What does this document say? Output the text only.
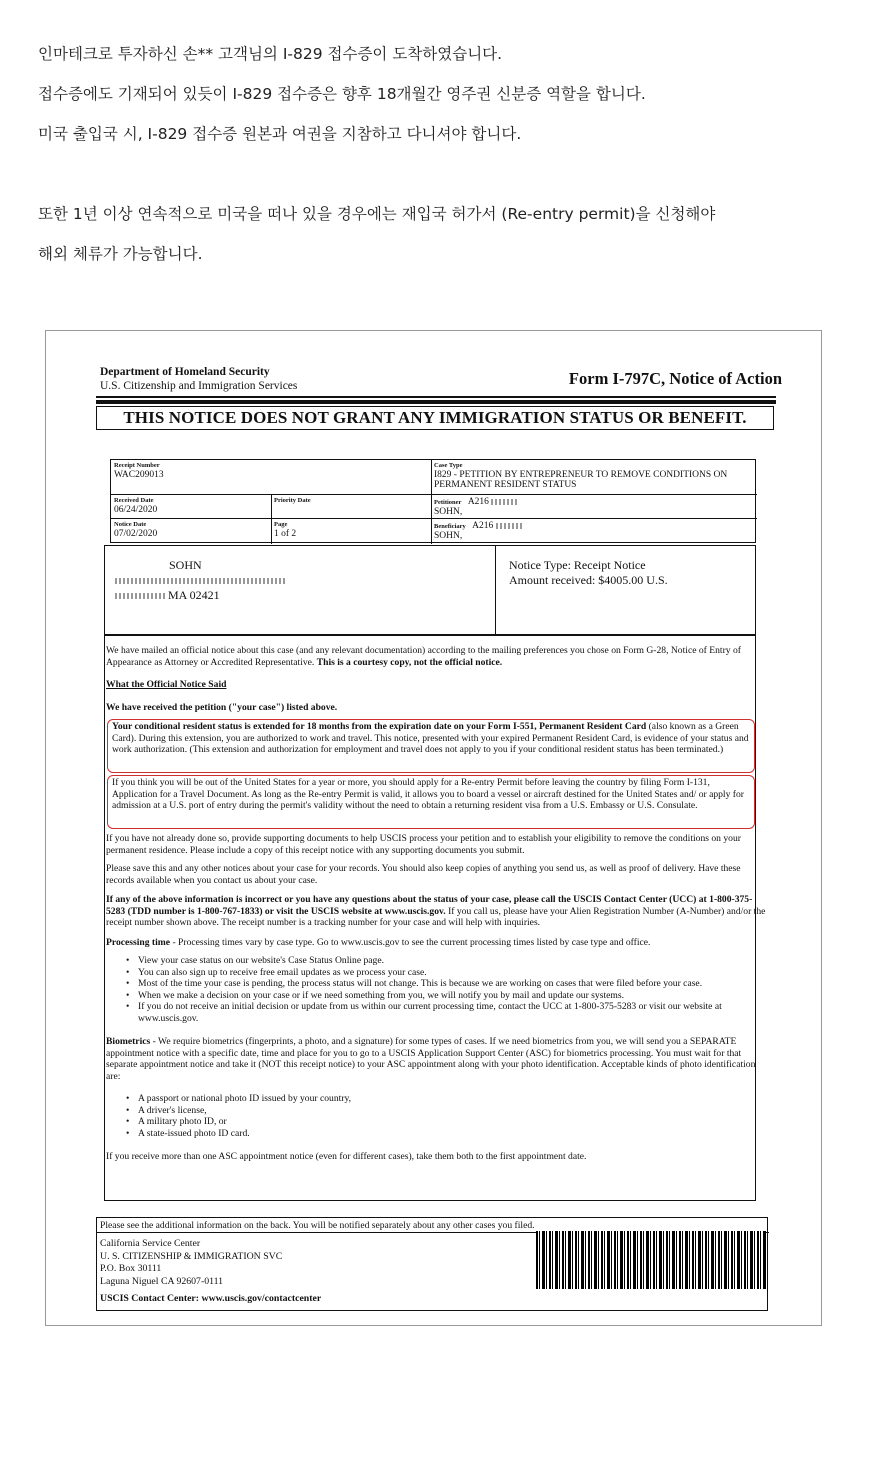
인마테크로 투자하신 손** 고객님의 I-829 접수증이 도착하였습니다.

접수증에도 기재되어 있듯이 I-829 접수증은 향후 18개월간 영주권 신분증 역할을 합니다.

미국 출입국 시, I-829 접수증 원본과 여권을 지참하고 다니셔야 합니다.

또한 1년 이상 연속적으로 미국을 떠나 있을 경우에는 재입국 허가서 (Re-entry permit)을 신청해야

해외 체류가 가능합니다.

Department of Homeland Security
U.S. Citizenship and Immigration Services	Form I-797C, Notice of Action
THIS NOTICE DOES NOT GRANT ANY IMMIGRATION STATUS OR BENEFIT.
Receipt Number
WAC209013
Case Type
I829 - PETITION BY ENTREPRENEUR TO REMOVE CONDITIONS ON PERMANENT RESIDENT STATUS
Received Date
06/24/2020
Priority Date	Petitioner A216
SOHN,
Notice Date
07/02/2020
Page
1 of 2
Beneficiary A216
SOHN,
SOHN
MA 02421
Notice Type: Receipt Notice
Amount received: $4005.00 U.S.
We have mailed an official notice about this case (and any relevant documentation) according to the mailing preferences you chose on Form G-28, Notice of Entry of Appearance as Attorney or Accredited Representative. This is a courtesy copy, not the official notice.
What the Official Notice Said
We have received the petition ("your case") listed above.
Your conditional resident status is extended for 18 months from the expiration date on your Form I-551, Permanent Resident Card (also known as a Green Card). During this extension, you are authorized to work and travel. This notice, presented with your expired Permanent Resident Card, is evidence of your status and work authorization. (This extension and authorization for employment and travel does not apply to you if your conditional resident status has been terminated.)
If you think you will be out of the United States for a year or more, you should apply for a Re-entry Permit before leaving the country by filing Form I-131, Application for a Travel Document. As long as the Re-entry Permit is valid, it allows you to board a vessel or aircraft destined for the United States and/ or apply for admission at a U.S. port of entry during the permit's validity without the need to obtain a returning resident visa from a U.S. Embassy or U.S. Consulate.
If you have not already done so, provide supporting documents to help USCIS process your petition and to establish your eligibility to remove the conditions on your permanent residence. Please include a copy of this receipt notice with any supporting documents you submit.
Please save this and any other notices about your case for your records. You should also keep copies of anything you send us, as well as proof of delivery. Have these records available when you contact us about your case.
If any of the above information is incorrect or you have any questions about the status of your case, please call the USCIS Contact Center (UCC) at 1-800-375-5283 (TDD number is 1-800-767-1833) or visit the USCIS website at www.uscis.gov. If you call us, please have your Alien Registration Number (A-Number) and/or the receipt number shown above. The receipt number is a tracking number for your case and will help with inquiries.
Processing time - Processing times vary by case type. Go to www.uscis.gov to see the current processing times listed by case type and office.
• View your case status on our website's Case Status Online page.
• You can also sign up to receive free email updates as we process your case.
• Most of the time your case is pending, the process status will not change. This is because we are working on cases that were filed before your case.
• When we make a decision on your case or if we need something from you, we will notify you by mail and update our systems.
• If you do not receive an initial decision or update from us within our current processing time, contact the UCC at 1-800-375-5283 or visit our website at www.uscis.gov.
Biometrics - We require biometrics (fingerprints, a photo, and a signature) for some types of cases. If we need biometrics from you, we will send you a SEPARATE appointment notice with a specific date, time and place for you to go to a USCIS Application Support Center (ASC) for biometrics processing. You must wait for that separate appointment notice and take it (NOT this receipt notice) to your ASC appointment along with your photo identification. Acceptable kinds of photo identification are:
• A passport or national photo ID issued by your country,
• A driver's license,
• A military photo ID, or
• A state-issued photo ID card.
If you receive more than one ASC appointment notice (even for different cases), take them both to the first appointment date.
Please see the additional information on the back. You will be notified separately about any other cases you filed.
California Service Center
U. S. CITIZENSHIP & IMMIGRATION SVC
P.O. Box 30111
Laguna Niguel CA 92607-0111
USCIS Contact Center: www.uscis.gov/contactcenter
